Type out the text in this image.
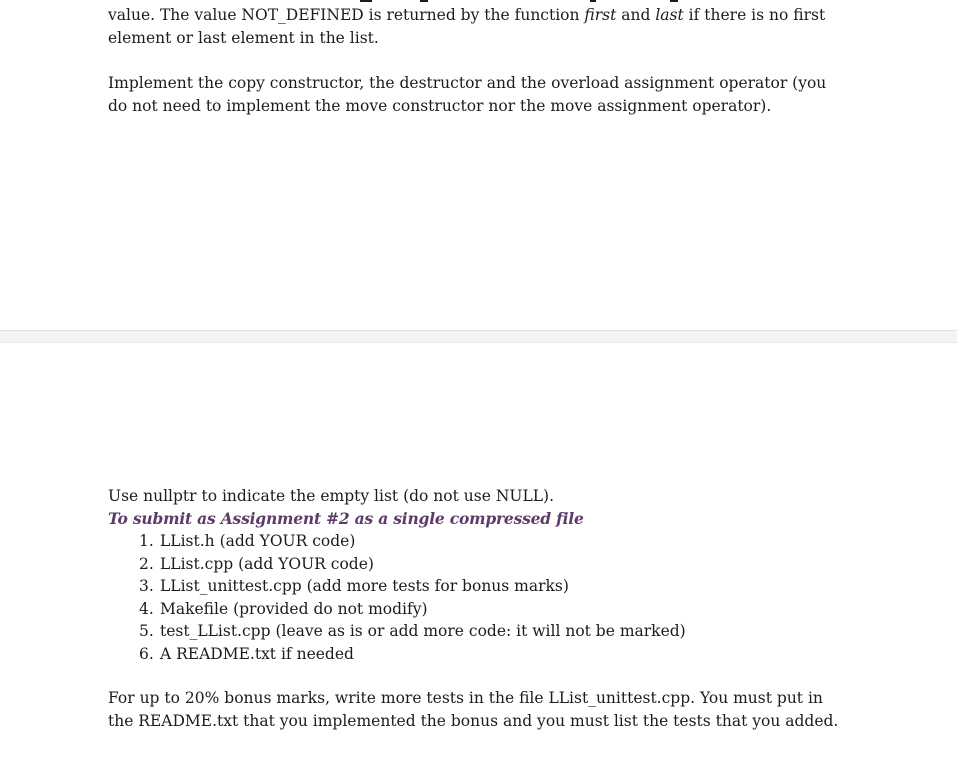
value. The value NOT_DEFINED is returned by the function first and last if there is no first element or last element in the list.

Implement the copy constructor, the destructor and the overload assignment operator (you do not need to implement the move constructor nor the move assignment operator).

Use nullptr to indicate the empty list (do not use NULL).

To submit as Assignment #2 as a single compressed file

LList.h (add YOUR code)
LList.cpp (add YOUR code)
LList_unittest.cpp (add more tests for bonus marks)
Makefile (provided do not modify)
test_LList.cpp (leave as is or add more code: it will not be marked)
A README.txt if needed

For up to 20% bonus marks, write more tests in the file LList_unittest.cpp. You must put in the README.txt that you implemented the bonus and you must list the tests that you added.
